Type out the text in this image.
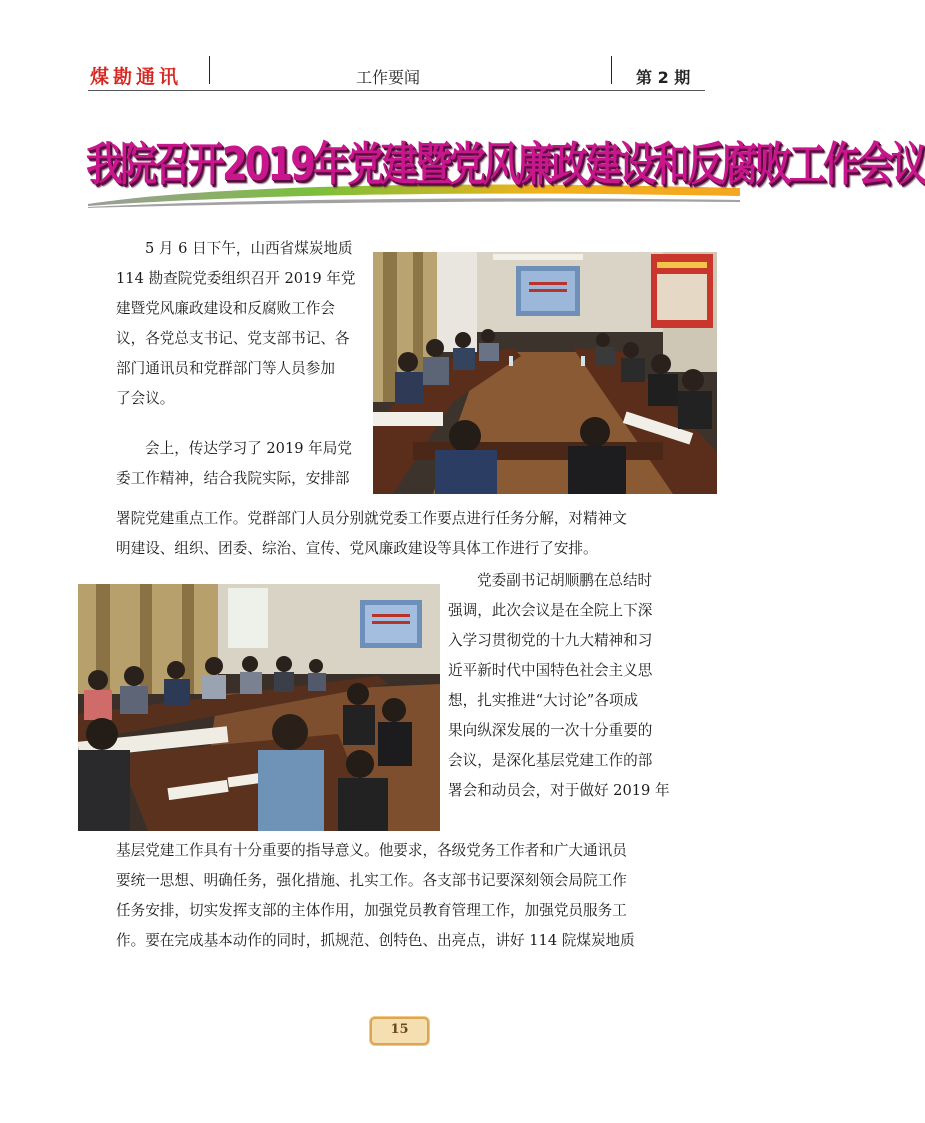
煤勘通讯	工作要闻	第 2 期
我院召开2019年党建暨党风廉政建设和反腐败工作会议
5 月 6 日下午，山西省煤炭地质
114 勘查院党委组织召开 2019 年党
建暨党风廉政建设和反腐败工作会
议，各党总支书记、党支部书记、各
部门通讯员和党群部门等人员参加
了会议。
会上，传达学习了 2019 年局党
委工作精神，结合我院实际，安排部
署院党建重点工作。党群部门人员分别就党委工作要点进行任务分解，对精神文
明建设、组织、团委、综治、宣传、党风廉政建设等具体工作进行了安排。
党委副书记胡顺鹏在总结时
强调，此次会议是在全院上下深
入学习贯彻党的十九大精神和习
近平新时代中国特色社会主义思
想，扎实推进“大讨论”各项成
果向纵深发展的一次十分重要的
会议，是深化基层党建工作的部
署会和动员会，对于做好 2019 年
基层党建工作具有十分重要的指导意义。他要求，各级党务工作者和广大通讯员
要统一思想、明确任务，强化措施、扎实工作。各支部书记要深刻领会局院工作
任务安排，切实发挥支部的主体作用，加强党员教育管理工作，加强党员服务工
作。要在完成基本动作的同时，抓规范、创特色、出亮点，讲好 114 院煤炭地质
15
